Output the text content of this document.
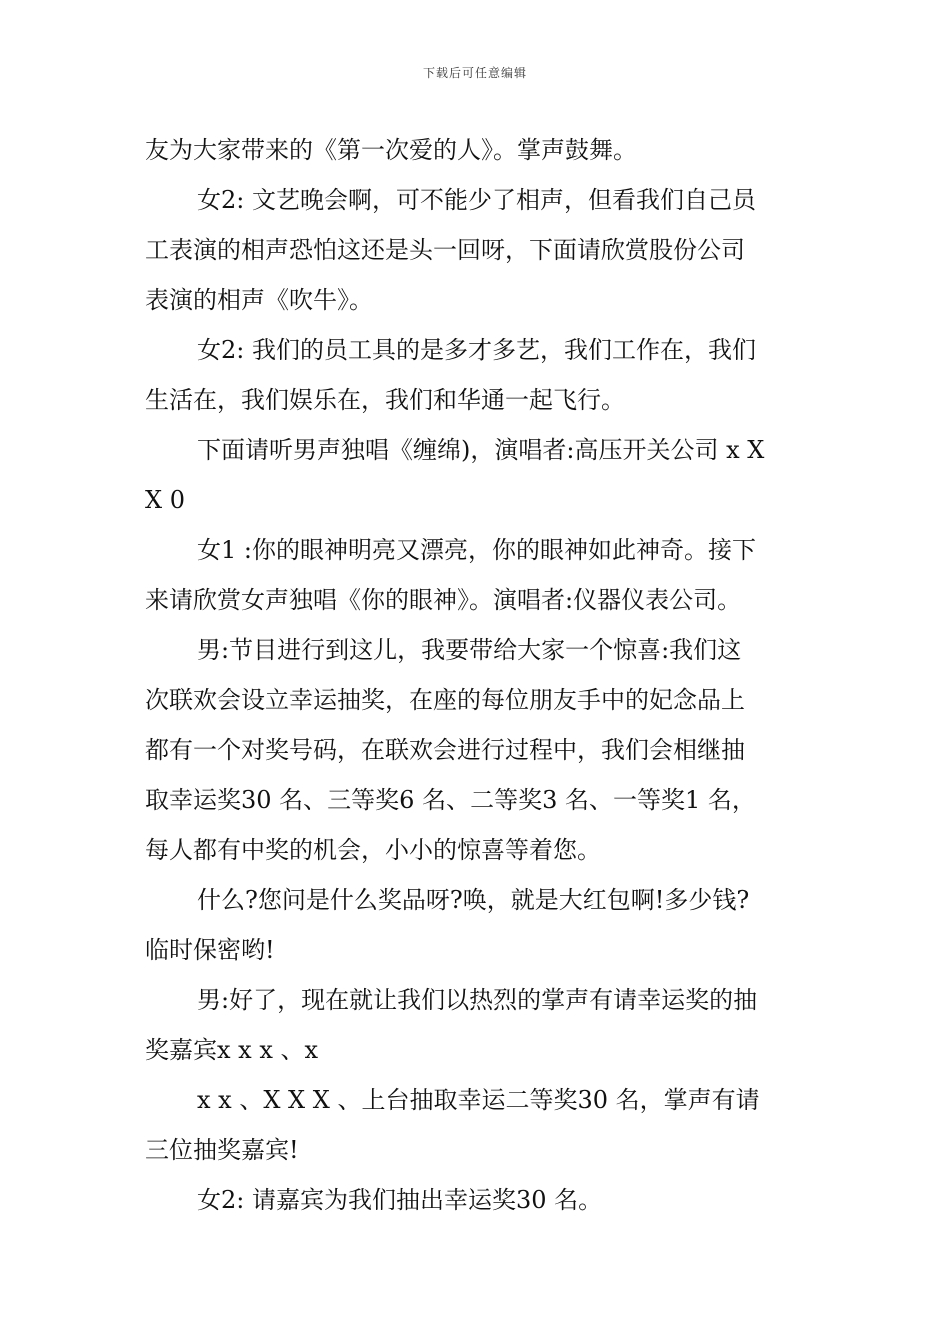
下载后可任意编辑

友为大家带来的《第一次爱的人》。掌声鼓舞。

女2: 文艺晚会啊，可不能少了相声，但看我们自己员

工表演的相声恐怕这还是头一回呀，下面请欣赏股份公司

表演的相声《吹牛》。

女2: 我们的员工具的是多才多艺，我们工作在，我们

生活在，我们娱乐在，我们和华通一起飞行。

下面请听男声独唱《缠绵)，演唱者:高压开关公司 x X

X 0

女1 :你的眼神明亮又漂亮，你的眼神如此神奇。接下

来请欣赏女声独唱《你的眼神》。演唱者:仪器仪表公司。

男:节目进行到这儿，我要带给大家一个惊喜:我们这

次联欢会设立幸运抽奖，在座的每位朋友手中的妃念品上

都有一个对奖号码，在联欢会进行过程中，我们会相继抽

取幸运奖30 名、三等奖6 名、二等奖3 名、一等奖1 名，

每人都有中奖的机会，小小的惊喜等着您。

什么?您问是什么奖品呀?唤，就是大红包啊!多少钱?

临时保密哟!

男:好了，现在就让我们以热烈的掌声有请幸运奖的抽

奖嘉宾x x x 、x

x x 、X X X 、上台抽取幸运二等奖30 名，掌声有请

三位抽奖嘉宾!

女2: 请嘉宾为我们抽出幸运奖30 名。
